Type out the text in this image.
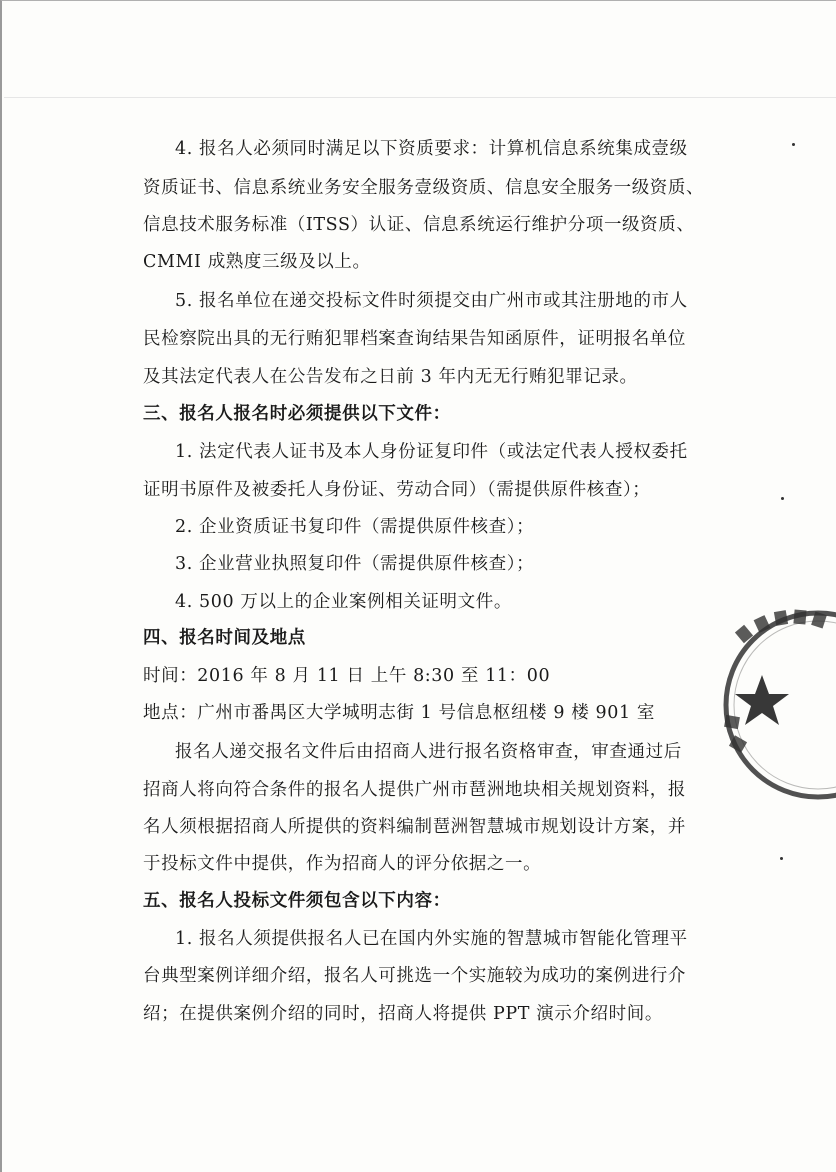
4. 报名人必须同时满足以下资质要求：计算机信息系统集成壹级
资质证书、信息系统业务安全服务壹级资质、信息安全服务一级资质、
信息技术服务标准（ITSS）认证、信息系统运行维护分项一级资质、
CMMI 成熟度三级及以上。
5. 报名单位在递交投标文件时须提交由广州市或其注册地的市人
民检察院出具的无行贿犯罪档案查询结果告知函原件，证明报名单位
及其法定代表人在公告发布之日前 3 年内无无行贿犯罪记录。
三、报名人报名时必须提供以下文件：
1. 法定代表人证书及本人身份证复印件（或法定代表人授权委托
证明书原件及被委托人身份证、劳动合同）（需提供原件核查）；
2. 企业资质证书复印件（需提供原件核查）；
3. 企业营业执照复印件（需提供原件核查）；
4. 500 万以上的企业案例相关证明文件。
四、报名时间及地点
时间：2016 年 8 月 11 日 上午 8:30 至 11：00
地点：广州市番禺区大学城明志街 1 号信息枢纽楼 9 楼 901 室
报名人递交报名文件后由招商人进行报名资格审查，审查通过后
招商人将向符合条件的报名人提供广州市琶洲地块相关规划资料，报
名人须根据招商人所提供的资料编制琶洲智慧城市规划设计方案，并
于投标文件中提供，作为招商人的评分依据之一。
五、报名人投标文件须包含以下内容：
1. 报名人须提供报名人已在国内外实施的智慧城市智能化管理平
台典型案例详细介绍，报名人可挑选一个实施较为成功的案例进行介
绍；在提供案例介绍的同时，招商人将提供 PPT 演示介绍时间。
